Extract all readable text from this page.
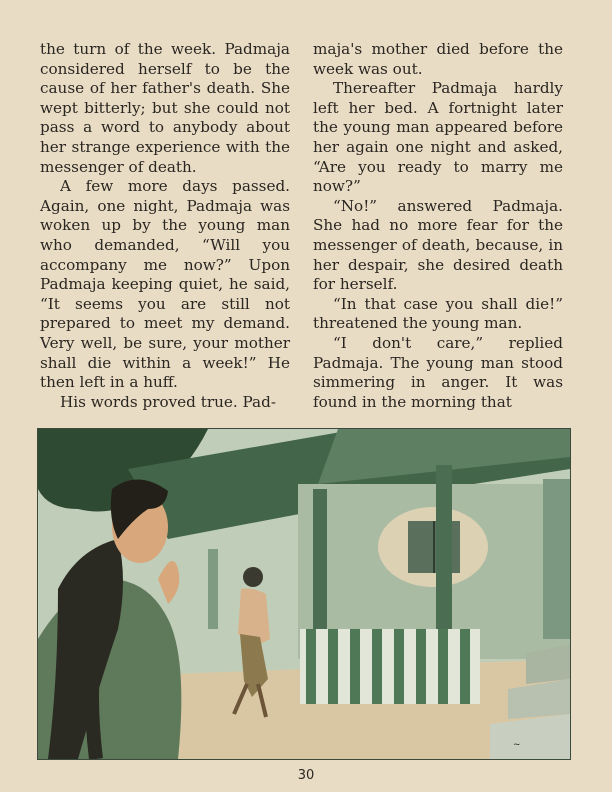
the turn of the week. Padmaja considered herself to be the cause of her father's death. She wept bitterly; but she could not pass a word to anybody about her strange experience with the messenger of death.

A few more days passed. Again, one night, Padmaja was woken up by the young man who demanded, “Will you accompany me now?” Upon Padmaja keeping quiet, he said, “It seems you are still not prepared to meet my demand. Very well, be sure, your mother shall die within a week!” He then left in a huff.

His words proved true. Pad-

maja's mother died before the week was out.

Thereafter Padmaja hardly left her bed. A fortnight later the young man appeared before her again one night and asked, “Are you ready to marry me now?”

“No!” answered Padmaja. She had no more fear for the messenger of death, because, in her despair, she desired death for herself.

“In that case you shall die!” threatened the young man.

“I don't care,” replied Padmaja. The young man stood simmering in anger. It was found in the morning that

~
30
